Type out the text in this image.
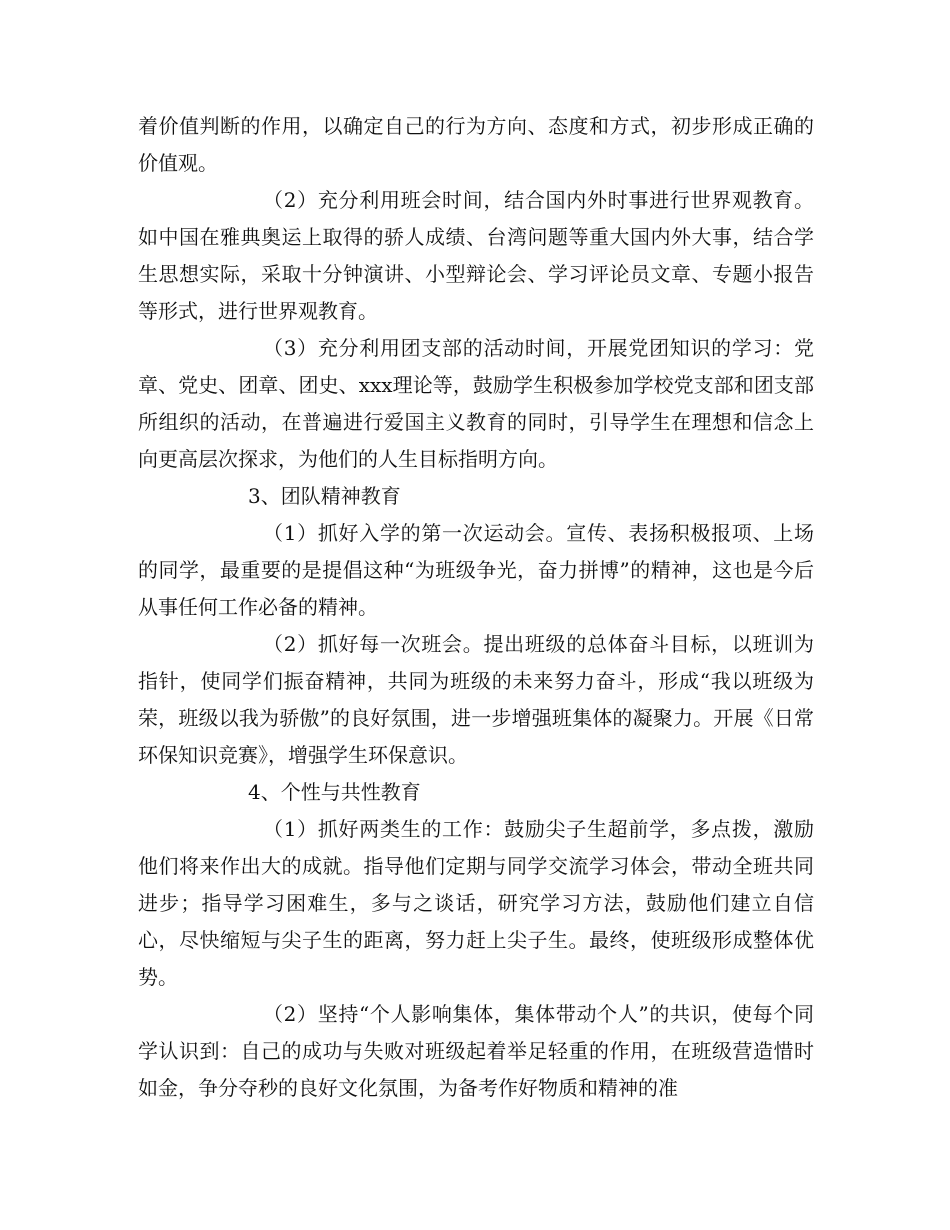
着价值判断的作用，以确定自己的行为方向、态度和方式，初步形成正确的价值观。

（2）充分利用班会时间，结合国内外时事进行世界观教育。如中国在雅典奥运上取得的骄人成绩、台湾问题等重大国内外大事，结合学生思想实际，采取十分钟演讲、小型辩论会、学习评论员文章、专题小报告等形式，进行世界观教育。

（3）充分利用团支部的活动时间，开展党团知识的学习：党章、党史、团章、团史、xxx理论等，鼓励学生积极参加学校党支部和团支部所组织的活动，在普遍进行爱国主义教育的同时，引导学生在理想和信念上向更高层次探求，为他们的人生目标指明方向。

3、团队精神教育

（1）抓好入学的第一次运动会。宣传、表扬积极报项、上场的同学，最重要的是提倡这种“为班级争光，奋力拼博”的精神，这也是今后从事任何工作必备的精神。

（2）抓好每一次班会。提出班级的总体奋斗目标，以班训为指针，使同学们振奋精神，共同为班级的未来努力奋斗，形成“我以班级为荣，班级以我为骄傲”的良好氛围，进一步增强班集体的凝聚力。开展《日常环保知识竞赛》，增强学生环保意识。

4、个性与共性教育

（1）抓好两类生的工作：鼓励尖子生超前学，多点拨，激励他们将来作出大的成就。指导他们定期与同学交流学习体会，带动全班共同进步；指导学习困难生，多与之谈话，研究学习方法，鼓励他们建立自信心，尽快缩短与尖子生的距离，努力赶上尖子生。最终，使班级形成整体优势。

（2）坚持“个人影响集体，集体带动个人”的共识，使每个同学认识到：自己的成功与失败对班级起着举足轻重的作用，在班级营造惜时如金，争分夺秒的良好文化氛围，为备考作好物质和精神的准
